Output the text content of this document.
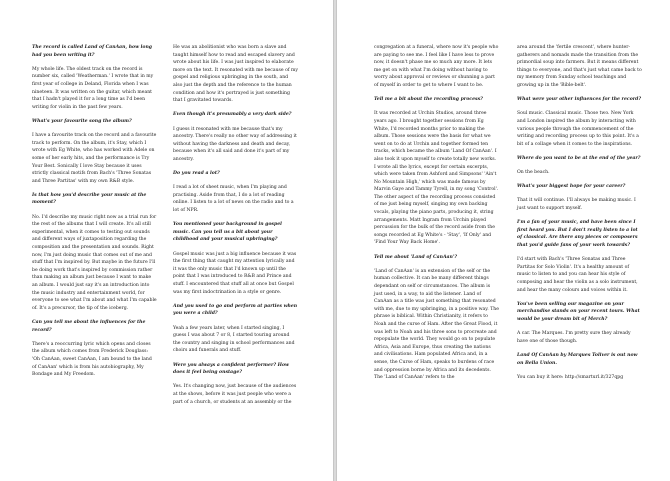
The record is called Land of CanAan, how long had you been writing it?

My whole life. The oldest track on the record is number six, called 'Weatherman.' I wrote that in my first year of college in Deland, Florida when I was nineteen. It was written on the guitar, which meant that I hadn't played it for a long time as I'd been writing for violin in the past few years.

What's your favourite song the album?

I have a favourite track on the record and a favourite track to perform. On the album, it's Stay, which I wrote with Eg White, who has worked with Adele on some of her early hits, and the performance is Try Your Best. Sonically I love Stay because it uses strictly classical motifs from Bach's 'Three Sonatas and Three Partitas' with my own R&B style.

Is that how you'd describe your music at the moment?

No. I'd describe my music right now as a trial run for the rest of the albums that I will create. It's all still experimental, when it comes to testing out sounds and different ways of juxtaposition regarding the composition and the presentation and sounds. Right now, I'm just doing music that comes out of me and stuff that I'm inspired by. But maybe in the future I'll be doing work that's inspired by commission rather than making an album just because I want to make an album. I would just say it's an introduction into the music industry and entertainment world, for everyone to see what I'm about and what I'm capable of. It's a precursor, the tip of the iceberg.

Can you tell me about the influences for the record?

There's a reoccurring lyric which opens and closes the album which comes from Frederick Douglass: 'Oh CanAan, sweet CanAan, I am bound to the land of CanAan' which is from his autobiography, My Bondage and My Freedom.

He was an abolitionist who was born a slave and taught himself how to read and escaped slavery and wrote about his life. I was just inspired to elaborate more on the text. It resonated with me because of my gospel and religious upbringing in the south, and also just the depth and the reference to the human condition and how it's portrayed is just something that I gravitated towards.

Even though it's presumably a very dark side?

I guess it resonated with me because that's my ancestry. There's really no other way of addressing it without having the darkness and death and decay, because when it's all said and done it's part of my ancestry.

Do you read a lot?

I read a lot of sheet music, when I'm playing and practising. Aside from that, I do a lot of reading online. I listen to a lot of news on the radio and to a lot of NPR.

You mentioned your background in gospel music. Can you tell us a bit about your childhood and your musical upbringing?

Gospel music was just a big influence because it was the first thing that caught my attention lyrically and it was the only music that I'd known up until the point that I was introduced to R&B and Prince and stuff. I encountered that stuff all at once but Gospel was my first indoctrination in a style or genre.

And you used to go and perform at parties when you were a child?

Yeah a few years later, when I started singing, I guess I was about 7 or 8, I started touring around the country and singing in school performances and choirs and funerals and stuff.

Were you always a confident performer? How does it feel being onstage?

Yes. It's changing now, just because of the audiences at the shows, before it was just people who were a part of a church, or students at an assembly or the

congregation at a funeral, where now it's people who are paying to see me. I feel like I have less to prove now, it doesn't phase me so much any more. It lets me get on with what I'm doing without having to worry about approval or reviews or shunning a part of myself in order to get to where I want to be.

Tell me a bit about the recording process?

It was recorded at Urchin Studios, around three years ago. I brought together sessions from Eg White, I'd recorded months prior to making the album. Those sessions were the basis for what we went on to do at Urchin and together formed ten tracks, which became the album 'Land Of CanAan'. I also took it upon myself to create totally new works. I wrote all the lyrics, except for certain excerpts, which were taken from Ashford and Simpsons' 'Ain't No Mountain High,' which was made famous by Marvin Gaye and Tammy Tyrell, in my song 'Control'. The other aspect of the recording process consisted of me just being myself, singing my own backing vocals, playing the piano parts, producing it, string arrangements. Matt Ingram from Urchin played percussion for the bulk of the record aside from the songs recorded at Eg White's - 'Stay', 'If Only' and 'Find Your Way Back Home'.

Tell me about 'Land of CanAan'?

'Land of CanAan' is an extension of the self or the human collective. It can be many different things dependant on self or circumstances. The album is just used, in a way, to aid the listener. Land of CanAan as a title was just something that resonated with me, due to my upbringing, in a positive way. The phrase is biblical. Within Christianity, it refers to Noah and the curse of Ham. After the Great Flood, it was left to Noah and his three sons to procreate and repopulate the world. They would go on to populate Africa, Asia and Europe, thus creating the nations and civilisations. Ham populated Africa and, in a sense, the Curse of Ham, speaks to burdens of race and oppression borne by Africa and its decedents. The 'Land of CanAan' refers to the

area around the 'fertile crescent', where hunter-gatherers and nomads made the transition from the primordial soup into farmers. But it means different things to everyone, and that's just what came back to my memory from Sunday school teachings and growing up in the 'Bible-belt'.

What were your other influences for the record?

Soul music. Classical music. Those two. New York and London inspired the album by interacting with various people through the commencement of the writing and recording process up to this point. It's a bit of a collage when it comes to the inspirations.

Where do you want to be at the end of the year?

On the beach.

What's your biggest hope for your career?

That it will continue. I'll always be making music. I just want to support myself.

I'm a fan of your music, and have been since I first heard you. But I don't really listen to a lot of classical. Are there any pieces or composers that you'd guide fans of your work towards?

I'd start with Bach's 'Three Sonatas and Three Partitas for Solo Violin'. It's a healthy amount of music to listen to and you can hear his style of composing and hear the violin as a solo instrument, and hear the many colours and voices within it.

You've been selling our magazine on your merchandise stands on your recent tours. What would be your dream bit of Merch?

A car. The Marques. I'm pretty sure they already have one of those though.

Land Of CanAan by Marques Toliver is out now on Bella Union.

You can buy it here: http://smarturl.it/327qpg
